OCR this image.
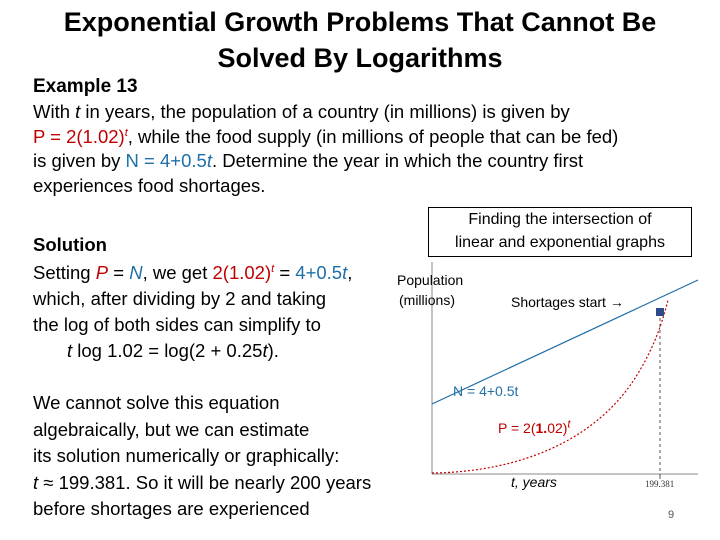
Exponential Growth Problems That Cannot Be
Solved By Logarithms
Example 13
With t in years, the population of a country (in millions) is given by
$P = 2(1.02)^t$, while the food supply (in millions of people that can be fed)
is given by N = 4+0.5t. Determine the year in which the country first
experiences food shortages.
Solution
Setting P = N, we get $2(1.02)^t = 4+0.5t$,
which, after dividing by 2 and taking
the log of both sides can simplify to
t log 1.02 = log(2 + 0.25t).
We cannot solve this equation
algebraically, but we can estimate
its solution numerically or graphically:
t ≈ 199.381. So it will be nearly 200 years
before shortages are experienced
Finding the intersection of
linear and exponential graphs
Population
(millions)	Shortages start →
N = 4+0.5t
$P = 2(1.02)^t$
t, years	199.381
9
